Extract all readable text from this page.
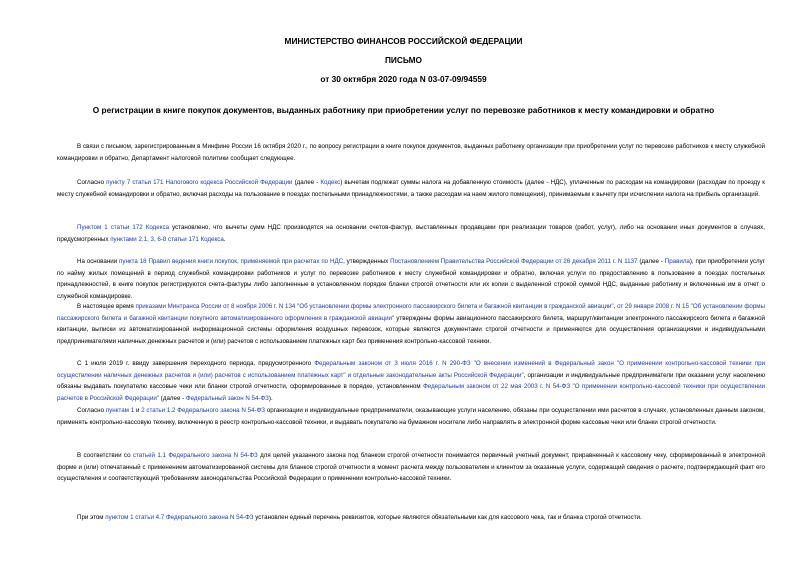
МИНИСТЕРСТВО ФИНАНСОВ РОССИЙСКОЙ ФЕДЕРАЦИИ
ПИСЬМО
от 30 октября 2020 года N 03-07-09/94559
О регистрации в книге покупок документов, выданных работнику при приобретении услуг по перевозке работников к месту командировки и обратно

В связи с письмом, зарегистрированным в Минфине России 16 октября 2020 г., по вопросу регистрации в книге покупок документов, выданных работнику организации при приобретении услуг по перевозке работников к месту служебной командировки и обратно, Департамент налоговой политики сообщает следующее.

Согласно пункту 7 статьи 171 Налогового кодекса Российской Федерации (далее - Кодекс) вычетам подлежат суммы налога на добавленную стоимость (далее - НДС), уплаченные по расходам на командировки (расходам по проезду к месту служебной командировки и обратно, включая расходы на пользование в поездах постельными принадлежностями, а также расходам на наем жилого помещения), принимаемым к вычету при исчислении налога на прибыль организаций.

Пунктом 1 статьи 172 Кодекса установлено, что вычеты сумм НДС производятся на основании счетов-фактур, выставленных продавцами при реализации товаров (работ, услуг), либо на основании иных документов в случаях, предусмотренных пунктами 2.1, 3, 6-8 статьи 171 Кодекса.

На основании пункта 18 Правил ведения книги покупок, применяемой при расчетах по НДС, утвержденных Постановлением Правительства Российской Федерации от 26 декабря 2011 г. N 1137 (далее - Правила), при приобретении услуг по найму жилых помещений в период служебной командировки работников и услуг по перевозке работников к месту служебной командировки и обратно, включая услуги по предоставлению в пользование в поездах постельных принадлежностей, в книге покупок регистрируются счета-фактуры либо заполненные в установленном порядке бланки строгой отчетности или их копии с выделенной строкой суммой НДС, выданные работнику и включенные им в отчет о служебной командировке.

В настоящее время приказами Минтранса России от 8 ноября 2006 г. N 134 "Об установлении формы электронного пассажирского билета и багажной квитанции в гражданской авиации", от 29 января 2008 г. N 15 "Об установлении формы пассажирского билета и багажной квитанции покупного автоматизированного оформления в гражданской авиации" утверждены формы авиационного пассажирского билета, маршрут/квитанции электронного пассажирского билета и багажной квитанции, выписки из автоматизированной информационной системы оформления воздушных перевозок, которые являются документами строгой отчетности и применяются для осуществления организациями и индивидуальными предпринимателями наличных денежных расчетов и (или) расчетов с использованием платежных карт без применения контрольно-кассовой техники.

С 1 июля 2019 г. ввиду завершения переходного периода, предусмотренного Федеральным законом от 3 июля 2016 г. N 290-ФЗ "О внесении изменений в Федеральный закон "О применении контрольно-кассовой техники при осуществлении наличных денежных расчетов и (или) расчетов с использованием платежных карт" и отдельные законодательные акты Российской Федерации", организации и индивидуальные предприниматели при оказании услуг населению обязаны выдавать покупателю кассовые чеки или бланки строгой отчетности, сформированные в порядке, установленном Федеральным законом от 22 мая 2003 г. N 54-ФЗ "О применении контрольно-кассовой техники при осуществлении расчетов в Российской Федерации" (далее - Федеральный закон N 54-ФЗ).

Согласно пунктам 1 и 2 статьи 1.2 Федерального закона N 54-ФЗ организации и индивидуальные предприниматели, оказывающие услуги населению, обязаны при осуществлении ими расчетов в случаях, установленных данным законом, применять контрольно-кассовую технику, включенную в реестр контрольно-кассовой техники, и выдавать покупателю на бумажном носителе либо направлять в электронной форме кассовые чеки или бланки строгой отчетности.

В соответствии со статьей 1.1 Федерального закона N 54-ФЗ для целей указанного закона под бланком строгой отчетности понимается первичный учетный документ, приравненный к кассовому чеку, сформированный в электронной форме и (или) отпечатанный с применением автоматизированной системы для бланков строгой отчетности в момент расчета между пользователем и клиентом за оказанные услуги, содержащий сведения о расчете, подтверждающий факт его осуществления и соответствующий требованиям законодательства Российской Федерации о применении контрольно-кассовой техники.

При этом пунктом 1 статьи 4.7 Федерального закона N 54-ФЗ установлен единый перечень реквизитов, которые являются обязательными как для кассового чека, так и бланка строгой отчетности.
